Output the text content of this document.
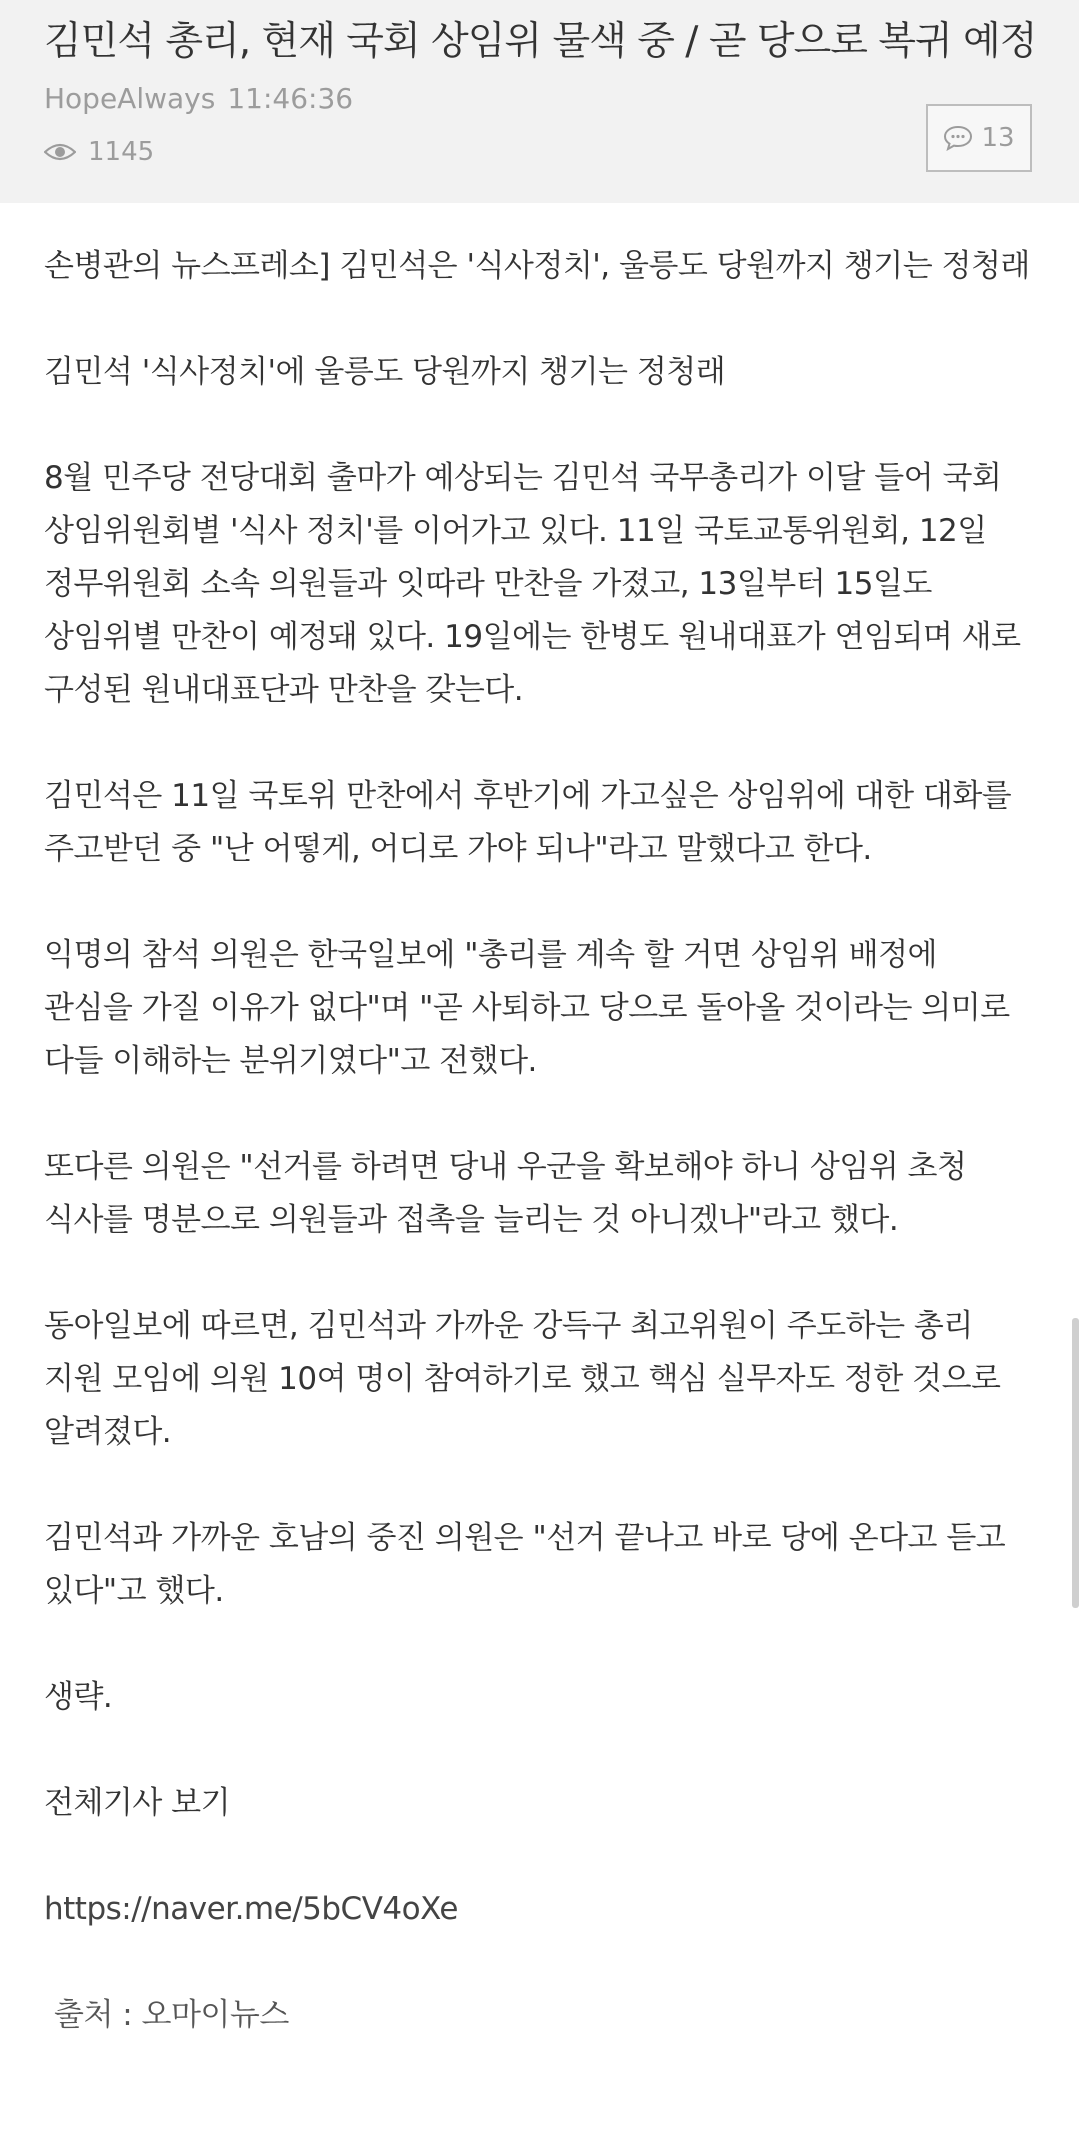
김민석 총리, 현재 국회 상임위 물색 중 / 곧 당으로 복귀 예정
HopeAlways 11:46:36
1145	13

손병관의 뉴스프레소] 김민석은 '식사정치', 울릉도 당원까지 챙기는 정청래

김민석 '식사정치'에 울릉도 당원까지 챙기는 정청래

8월 민주당 전당대회 출마가 예상되는 김민석 국무총리가 이달 들어 국회 상임위원회별 '식사 정치'를 이어가고 있다. 11일 국토교통위원회, 12일 정무위원회 소속 의원들과 잇따라 만찬을 가졌고, 13일부터 15일도 상임위별 만찬이 예정돼 있다. 19일에는 한병도 원내대표가 연임되며 새로 구성된 원내대표단과 만찬을 갖는다.

김민석은 11일 국토위 만찬에서 후반기에 가고싶은 상임위에 대한 대화를 주고받던 중 "난 어떻게, 어디로 가야 되나"라고 말했다고 한다.

익명의 참석 의원은 한국일보에 "총리를 계속 할 거면 상임위 배정에 관심을 가질 이유가 없다"며 "곧 사퇴하고 당으로 돌아올 것이라는 의미로 다들 이해하는 분위기였다"고 전했다.

또다른 의원은 "선거를 하려면 당내 우군을 확보해야 하니 상임위 초청 식사를 명분으로 의원들과 접촉을 늘리는 것 아니겠나"라고 했다.

동아일보에 따르면, 김민석과 가까운 강득구 최고위원이 주도하는 총리 지원 모임에 의원 10여 명이 참여하기로 했고 핵심 실무자도 정한 것으로 알려졌다.

김민석과 가까운 호남의 중진 의원은 "선거 끝나고 바로 당에 온다고 듣고 있다"고 했다.

생략.

전체기사 보기

https://naver.me/5bCV4oXe

출처 : 오마이뉴스
